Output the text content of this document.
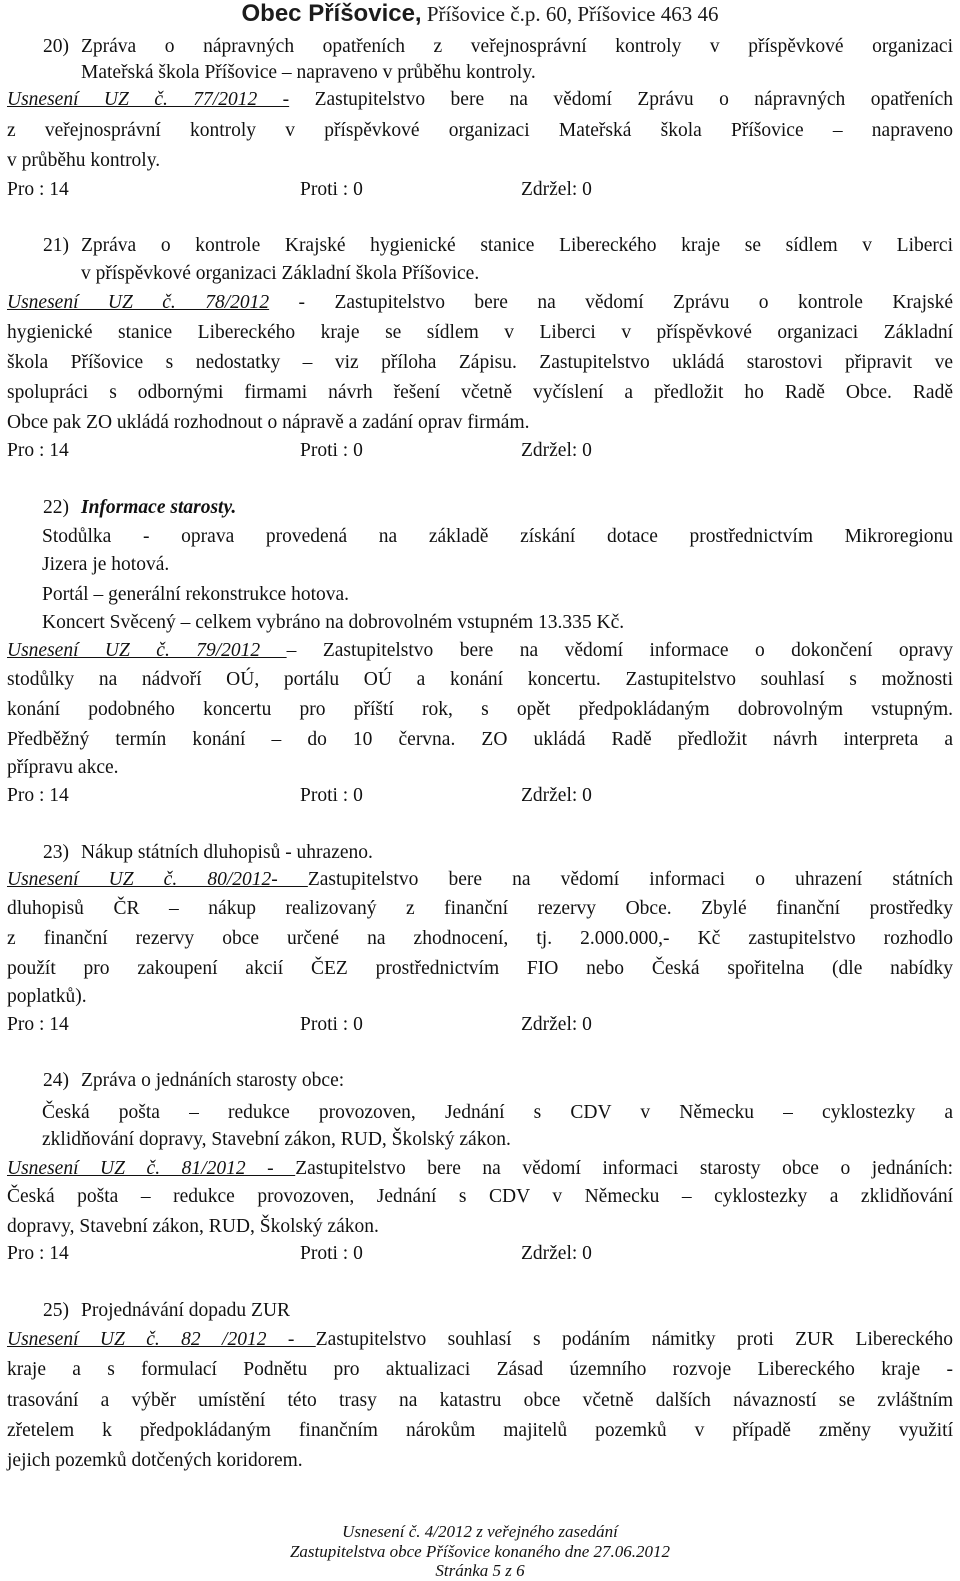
Obec Příšovice, Příšovice č.p. 60, Příšovice 463 46
20) Zpráva o nápravných opatřeních z veřejnosprávní kontroly v příspěvkové organizaci
Mateřská škola Příšovice – napraveno v průběhu kontroly.
Usnesení UZ č. 77/2012 - Zastupitelstvo bere na vědomí Zprávu o nápravných opatřeních
z veřejnosprávní kontroly v příspěvkové organizaci Mateřská škola Příšovice – napraveno
v průběhu kontroly.
Pro : 14	Proti : 0	Zdržel: 0
21) Zpráva o kontrole Krajské hygienické stanice Libereckého kraje se sídlem v Liberci
v příspěvkové organizaci Základní škola Příšovice.
Usnesení UZ č. 78/2012 - Zastupitelstvo bere na vědomí Zprávu o kontrole Krajské
hygienické stanice Libereckého kraje se sídlem v Liberci v příspěvkové organizaci Základní
škola Příšovice s nedostatky – viz příloha Zápisu. Zastupitelstvo ukládá starostovi připravit ve
spolupráci s odbornými firmami návrh řešení včetně vyčíslení a předložit ho Radě Obce. Radě
Obce pak ZO ukládá rozhodnout o nápravě a zadání oprav firmám.
Pro : 14	Proti : 0	Zdržel: 0
22) Informace starosty.
Stodůlka - oprava provedená na základě získání dotace prostřednictvím Mikroregionu
Jizera je hotová.
Portál – generální rekonstrukce hotova.
Koncert Svěcený – celkem vybráno na dobrovolném vstupném 13.335 Kč.
Usnesení UZ č. 79/2012 – Zastupitelstvo bere na vědomí informace o dokončení opravy
stodůlky na nádvoří OÚ, portálu OÚ a konání koncertu. Zastupitelstvo souhlasí s možnosti
konání podobného koncertu pro příští rok, s opět předpokládaným dobrovolným vstupným.
Předběžný termín konání – do 10 června. ZO ukládá Radě předložit návrh interpreta a
přípravu akce.
Pro : 14	Proti : 0	Zdržel: 0
23) Nákup státních dluhopisů - uhrazeno.
Usnesení UZ č. 80/2012- Zastupitelstvo bere na vědomí informaci o uhrazení státních
dluhopisů ČR – nákup realizovaný z finanční rezervy Obce. Zbylé finanční prostředky
z finanční rezervy obce určené na zhodnocení, tj. 2.000.000,- Kč zastupitelstvo rozhodlo
použít pro zakoupení akcií ČEZ prostřednictvím FIO nebo Česká spořitelna (dle nabídky
poplatků).
Pro : 14	Proti : 0	Zdržel: 0
24) Zpráva o jednáních starosty obce:
Česká pošta – redukce provozoven, Jednání s CDV v Německu – cyklostezky a
zklidňování dopravy, Stavební zákon, RUD, Školský zákon.
Usnesení UZ č. 81/2012 - Zastupitelstvo bere na vědomí informaci starosty obce o jednáních:
Česká pošta – redukce provozoven, Jednání s CDV v Německu – cyklostezky a zklidňování
dopravy, Stavební zákon, RUD, Školský zákon.
Pro : 14	Proti : 0	Zdržel: 0
25) Projednávání dopadu ZUR
Usnesení UZ č. 82 /2012 - Zastupitelstvo souhlasí s podáním námitky proti ZUR Libereckého
kraje a s formulací Podnětu pro aktualizaci Zásad územního rozvoje Libereckého kraje -
trasování a výběr umístění této trasy na katastru obce včetně dalších návazností se zvláštním
zřetelem k předpokládaným finančním nárokům majitelů pozemků v případě změny využití
jejich pozemků dotčených koridorem.
Usnesení č. 4/2012 z veřejného zasedání
Zastupitelstva obce Příšovice konaného dne 27.06.2012
Stránka 5 z 6
